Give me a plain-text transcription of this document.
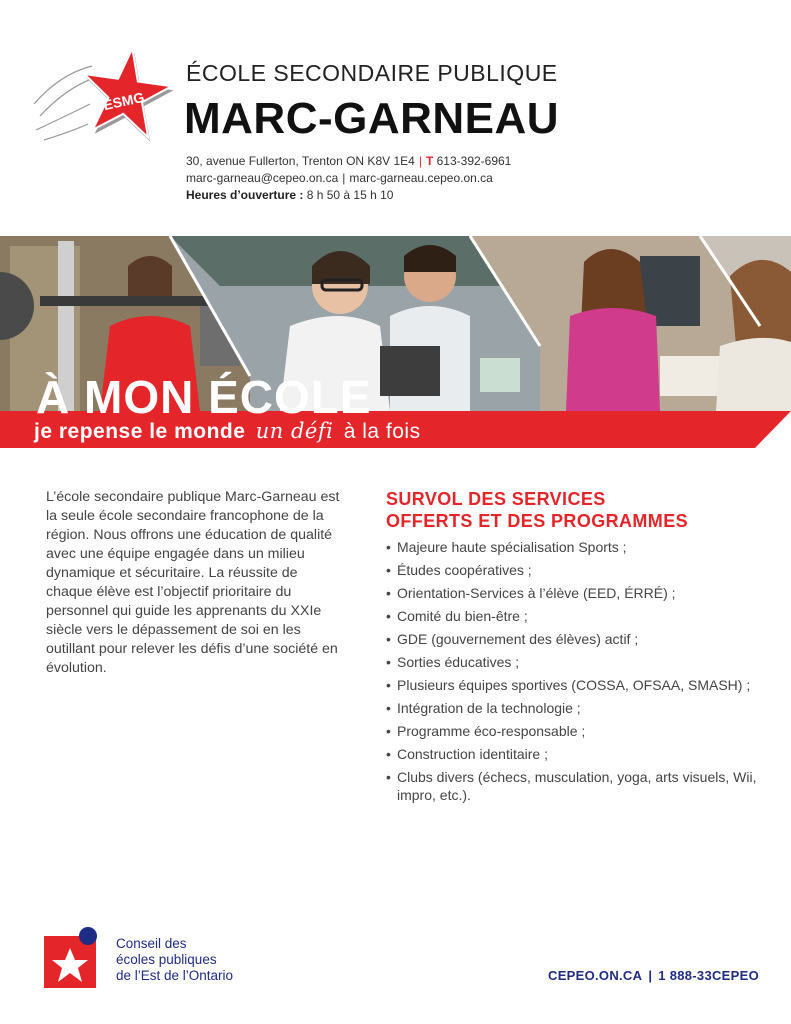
ESMG
ÉCOLE SECONDAIRE PUBLIQUE
MARC-GARNEAU
30, avenue Fullerton, Trenton ON K8V 1E4 | T 613-392-6961
marc-garneau@cepeo.on.ca | marc-garneau.cepeo.on.ca
Heures d’ouverture : 8 h 50 à 15 h 10
À MON ÉCOLE
je repense le monde un défi à la fois
L’école secondaire publique Marc-Garneau est la seule école secondaire francophone de la région. Nous offrons une éducation de qualité avec une équipe engagée dans un milieu dynamique et sécuritaire. La réussite de chaque élève est l’objectif prioritaire du personnel qui guide les apprenants du XXIe siècle vers le dépassement de soi en les outillant pour relever les défis d’une société en évolution.
SURVOL DES SERVICES
OFFERTS ET DES PROGRAMMES
• Majeure haute spécialisation Sports ;
• Études coopératives ;
• Orientation-Services à l’élève (EED, ÉRRÉ) ;
• Comité du bien-être ;
• GDE (gouvernement des élèves) actif ;
• Sorties éducatives ;
• Plusieurs équipes sportives (COSSA, OFSAA, SMASH) ;
• Intégration de la technologie ;
• Programme éco-responsable ;
• Construction identitaire ;
• Clubs divers (échecs, musculation, yoga, arts visuels, Wii, impro, etc.).
Conseil des
écoles publiques
de l’Est de l’Ontario	CEPEO.ON.CA | 1 888-33CEPEO
